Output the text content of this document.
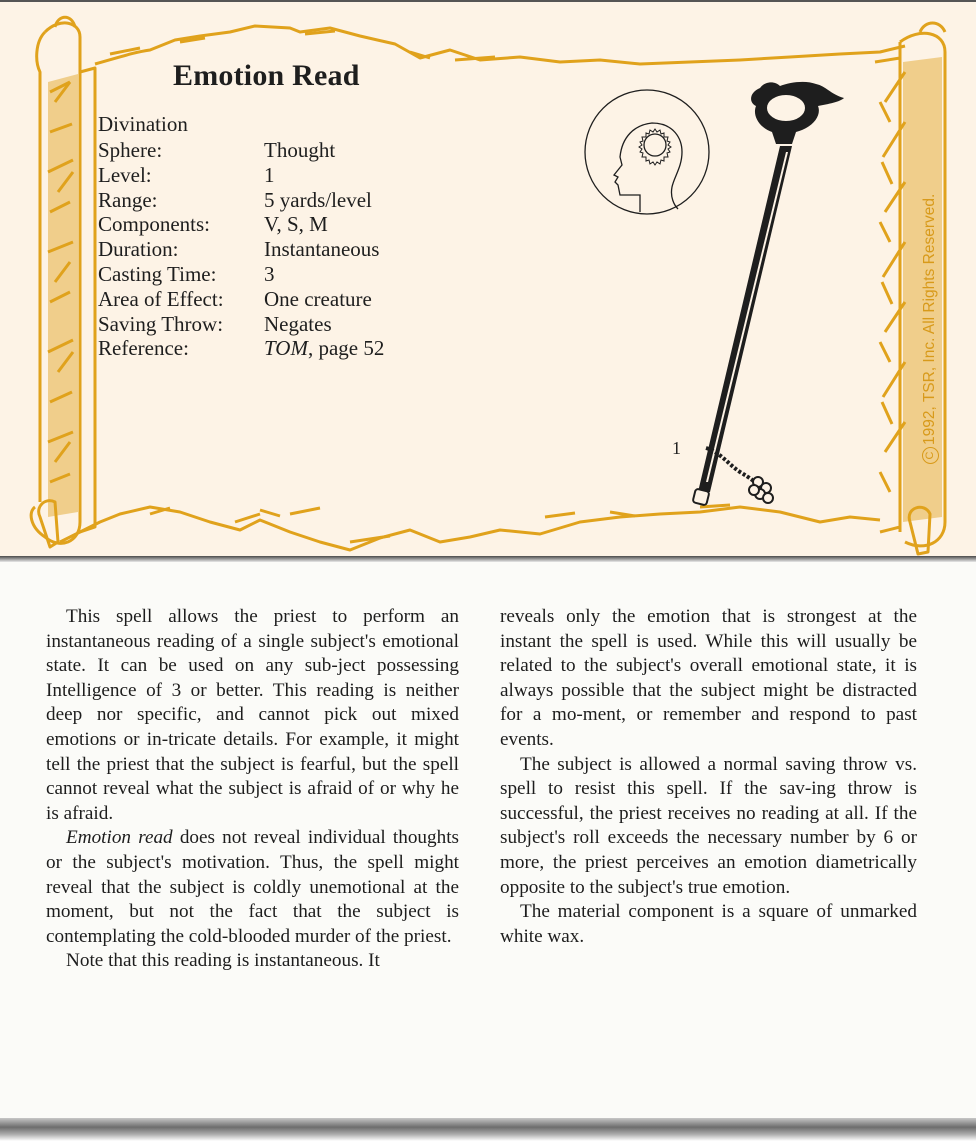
Emotion Read
Divination
Sphere:	Thought
Level:	1
Range:	5 yards/level
Components:	V, S, M
Duration:	Instantaneous
Casting Time:	3
Area of Effect:	One creature
Saving Throw:	Negates
Reference:	TOM, page 52
1	C1992, TSR, Inc. All Rights Reserved.

This spell allows the priest to perform an instantaneous reading of a single subject's emotional state. It can be used on any sub-ject possessing Intelligence of 3 or better. This reading is neither deep nor specific, and cannot pick out mixed emotions or in-tricate details. For example, it might tell the priest that the subject is fearful, but the spell cannot reveal what the subject is afraid of or why he is afraid.

Emotion read does not reveal individual thoughts or the subject's motivation. Thus, the spell might reveal that the subject is coldly unemotional at the moment, but not the fact that the subject is contemplating the cold-blooded murder of the priest.

Note that this reading is instantaneous. It

reveals only the emotion that is strongest at the instant the spell is used. While this will usually be related to the subject's overall emotional state, it is always possible that the subject might be distracted for a mo-ment, or remember and respond to past events.

The subject is allowed a normal saving throw vs. spell to resist this spell. If the sav-ing throw is successful, the priest receives no reading at all. If the subject's roll exceeds the necessary number by 6 or more, the priest perceives an emotion diametrically opposite to the subject's true emotion.

The material component is a square of unmarked white wax.
